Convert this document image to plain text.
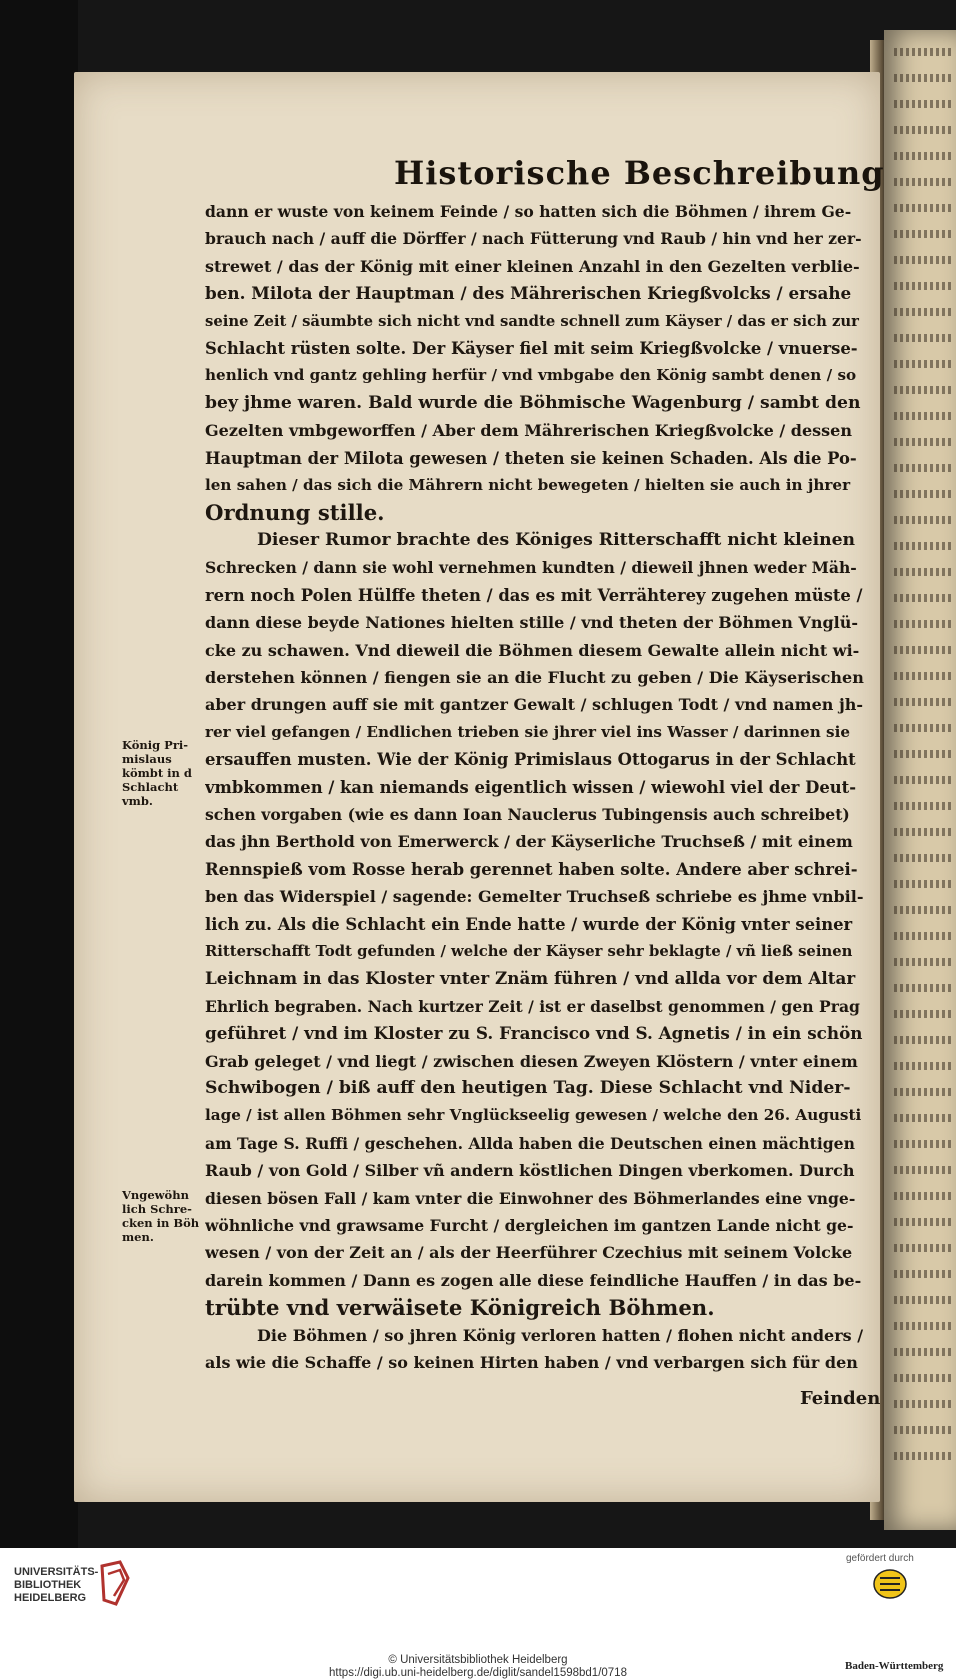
Historische Beschreibung
dann er wuste von keinem Feinde / so hatten sich die Böhmen / ihrem Ge-
brauch nach / auff die Dörffer / nach Fütterung vnd Raub / hin vnd her zer-
strewet / das der König mit einer kleinen Anzahl in den Gezelten verblie-
ben. Milota der Hauptman / des Mährerischen Kriegßvolcks / ersahe
seine Zeit / säumbte sich nicht vnd sandte schnell zum Käyser / das er sich zur
Schlacht rüsten solte. Der Käyser fiel mit seim Kriegßvolcke / vnuerse-
henlich vnd gantz gehling herfür / vnd vmbgabe den König sambt denen / so
bey jhme waren. Bald wurde die Böhmische Wagenburg / sambt den
Gezelten vmbgeworffen / Aber dem Mährerischen Kriegßvolcke / dessen
Hauptman der Milota gewesen / theten sie keinen Schaden. Als die Po-
len sahen / das sich die Mährern nicht bewegeten / hielten sie auch in jhrer
Ordnung stille.
Dieser Rumor brachte des Königes Ritterschafft nicht kleinen
Schrecken / dann sie wohl vernehmen kundten / dieweil jhnen weder Mäh-
rern noch Polen Hülffe theten / das es mit Verrähterey zugehen müste /
dann diese beyde Nationes hielten stille / vnd theten der Böhmen Vnglü-
cke zu schawen. Vnd dieweil die Böhmen diesem Gewalte allein nicht wi-
derstehen können / fiengen sie an die Flucht zu geben / Die Käyserischen
aber drungen auff sie mit gantzer Gewalt / schlugen Todt / vnd namen jh-
rer viel gefangen / Endlichen trieben sie jhrer viel ins Wasser / darinnen sie
ersauffen musten. Wie der König Primislaus Ottogarus in der Schlacht
vmbkommen / kan niemands eigentlich wissen / wiewohl viel der Deut-
schen vorgaben (wie es dann Ioan Nauclerus Tubingensis auch schreibet)
das jhn Berthold von Emerwerck / der Käyserliche Truchseß / mit einem
Rennspieß vom Rosse herab gerennet haben solte. Andere aber schrei-
ben das Widerspiel / sagende: Gemelter Truchseß schriebe es jhme vnbil-
lich zu. Als die Schlacht ein Ende hatte / wurde der König vnter seiner
Ritterschafft Todt gefunden / welche der Käyser sehr beklagte / vñ ließ seinen
Leichnam in das Kloster vnter Znäm führen / vnd allda vor dem Altar
Ehrlich begraben. Nach kurtzer Zeit / ist er daselbst genommen / gen Prag
geführet / vnd im Kloster zu S. Francisco vnd S. Agnetis / in ein schön
Grab geleget / vnd liegt / zwischen diesen Zweyen Klöstern / vnter einem
Schwibogen / biß auff den heutigen Tag. Diese Schlacht vnd Nider-
lage / ist allen Böhmen sehr Vnglückseelig gewesen / welche den 26. Augusti
am Tage S. Ruffi / geschehen. Allda haben die Deutschen einen mächtigen
Raub / von Gold / Silber vñ andern köstlichen Dingen vberkomen. Durch
diesen bösen Fall / kam vnter die Einwohner des Böhmerlandes eine vnge-
wöhnliche vnd grawsame Furcht / dergleichen im gantzen Lande nicht ge-
wesen / von der Zeit an / als der Heerführer Czechius mit seinem Volcke
darein kommen / Dann es zogen alle diese feindliche Hauffen / in das be-
trübte vnd verwäisete Königreich Böhmen.
Die Böhmen / so jhren König verloren hatten / flohen nicht anders /
als wie die Schaffe / so keinen Hirten haben / vnd verbargen sich für den
König Pri-
mislaus
kömbt in d
Schlacht
vmb.
Vngewöhn
lich Schre-
cken in Böh
men.
Feinden
UNIVERSITÄTS-
BIBLIOTHEK
HEIDELBERG
© Universitätsbibliothek Heidelberg
https://digi.ub.uni-heidelberg.de/diglit/sandel1598bd1/0718
gefördert durch
Baden-Württemberg
